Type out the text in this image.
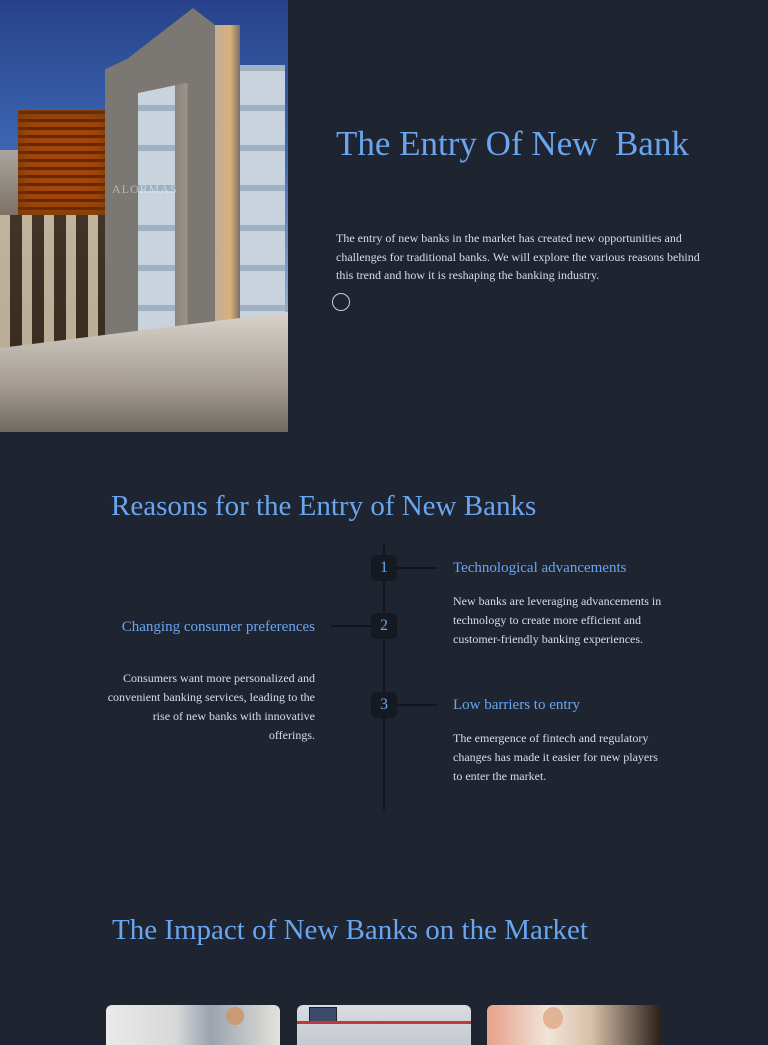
ALORMAS
The Entry Of New  Bank

The entry of new banks in the market has created new opportunities and challenges for traditional banks. We will explore the various reasons behind this trend and how it is reshaping the banking industry.

Reasons for the Entry of New Banks
1	Technological advancements

New banks are leveraging advancements in technology to create more efficient and customer-friendly banking experiences.

2
Changing consumer preferences

Consumers want more personalized and convenient banking services, leading to the rise of new banks with innovative offerings.

3	Low barriers to entry

The emergence of fintech and regulatory changes has made it easier for new players to enter the market.

The Impact of New Banks on the Market
